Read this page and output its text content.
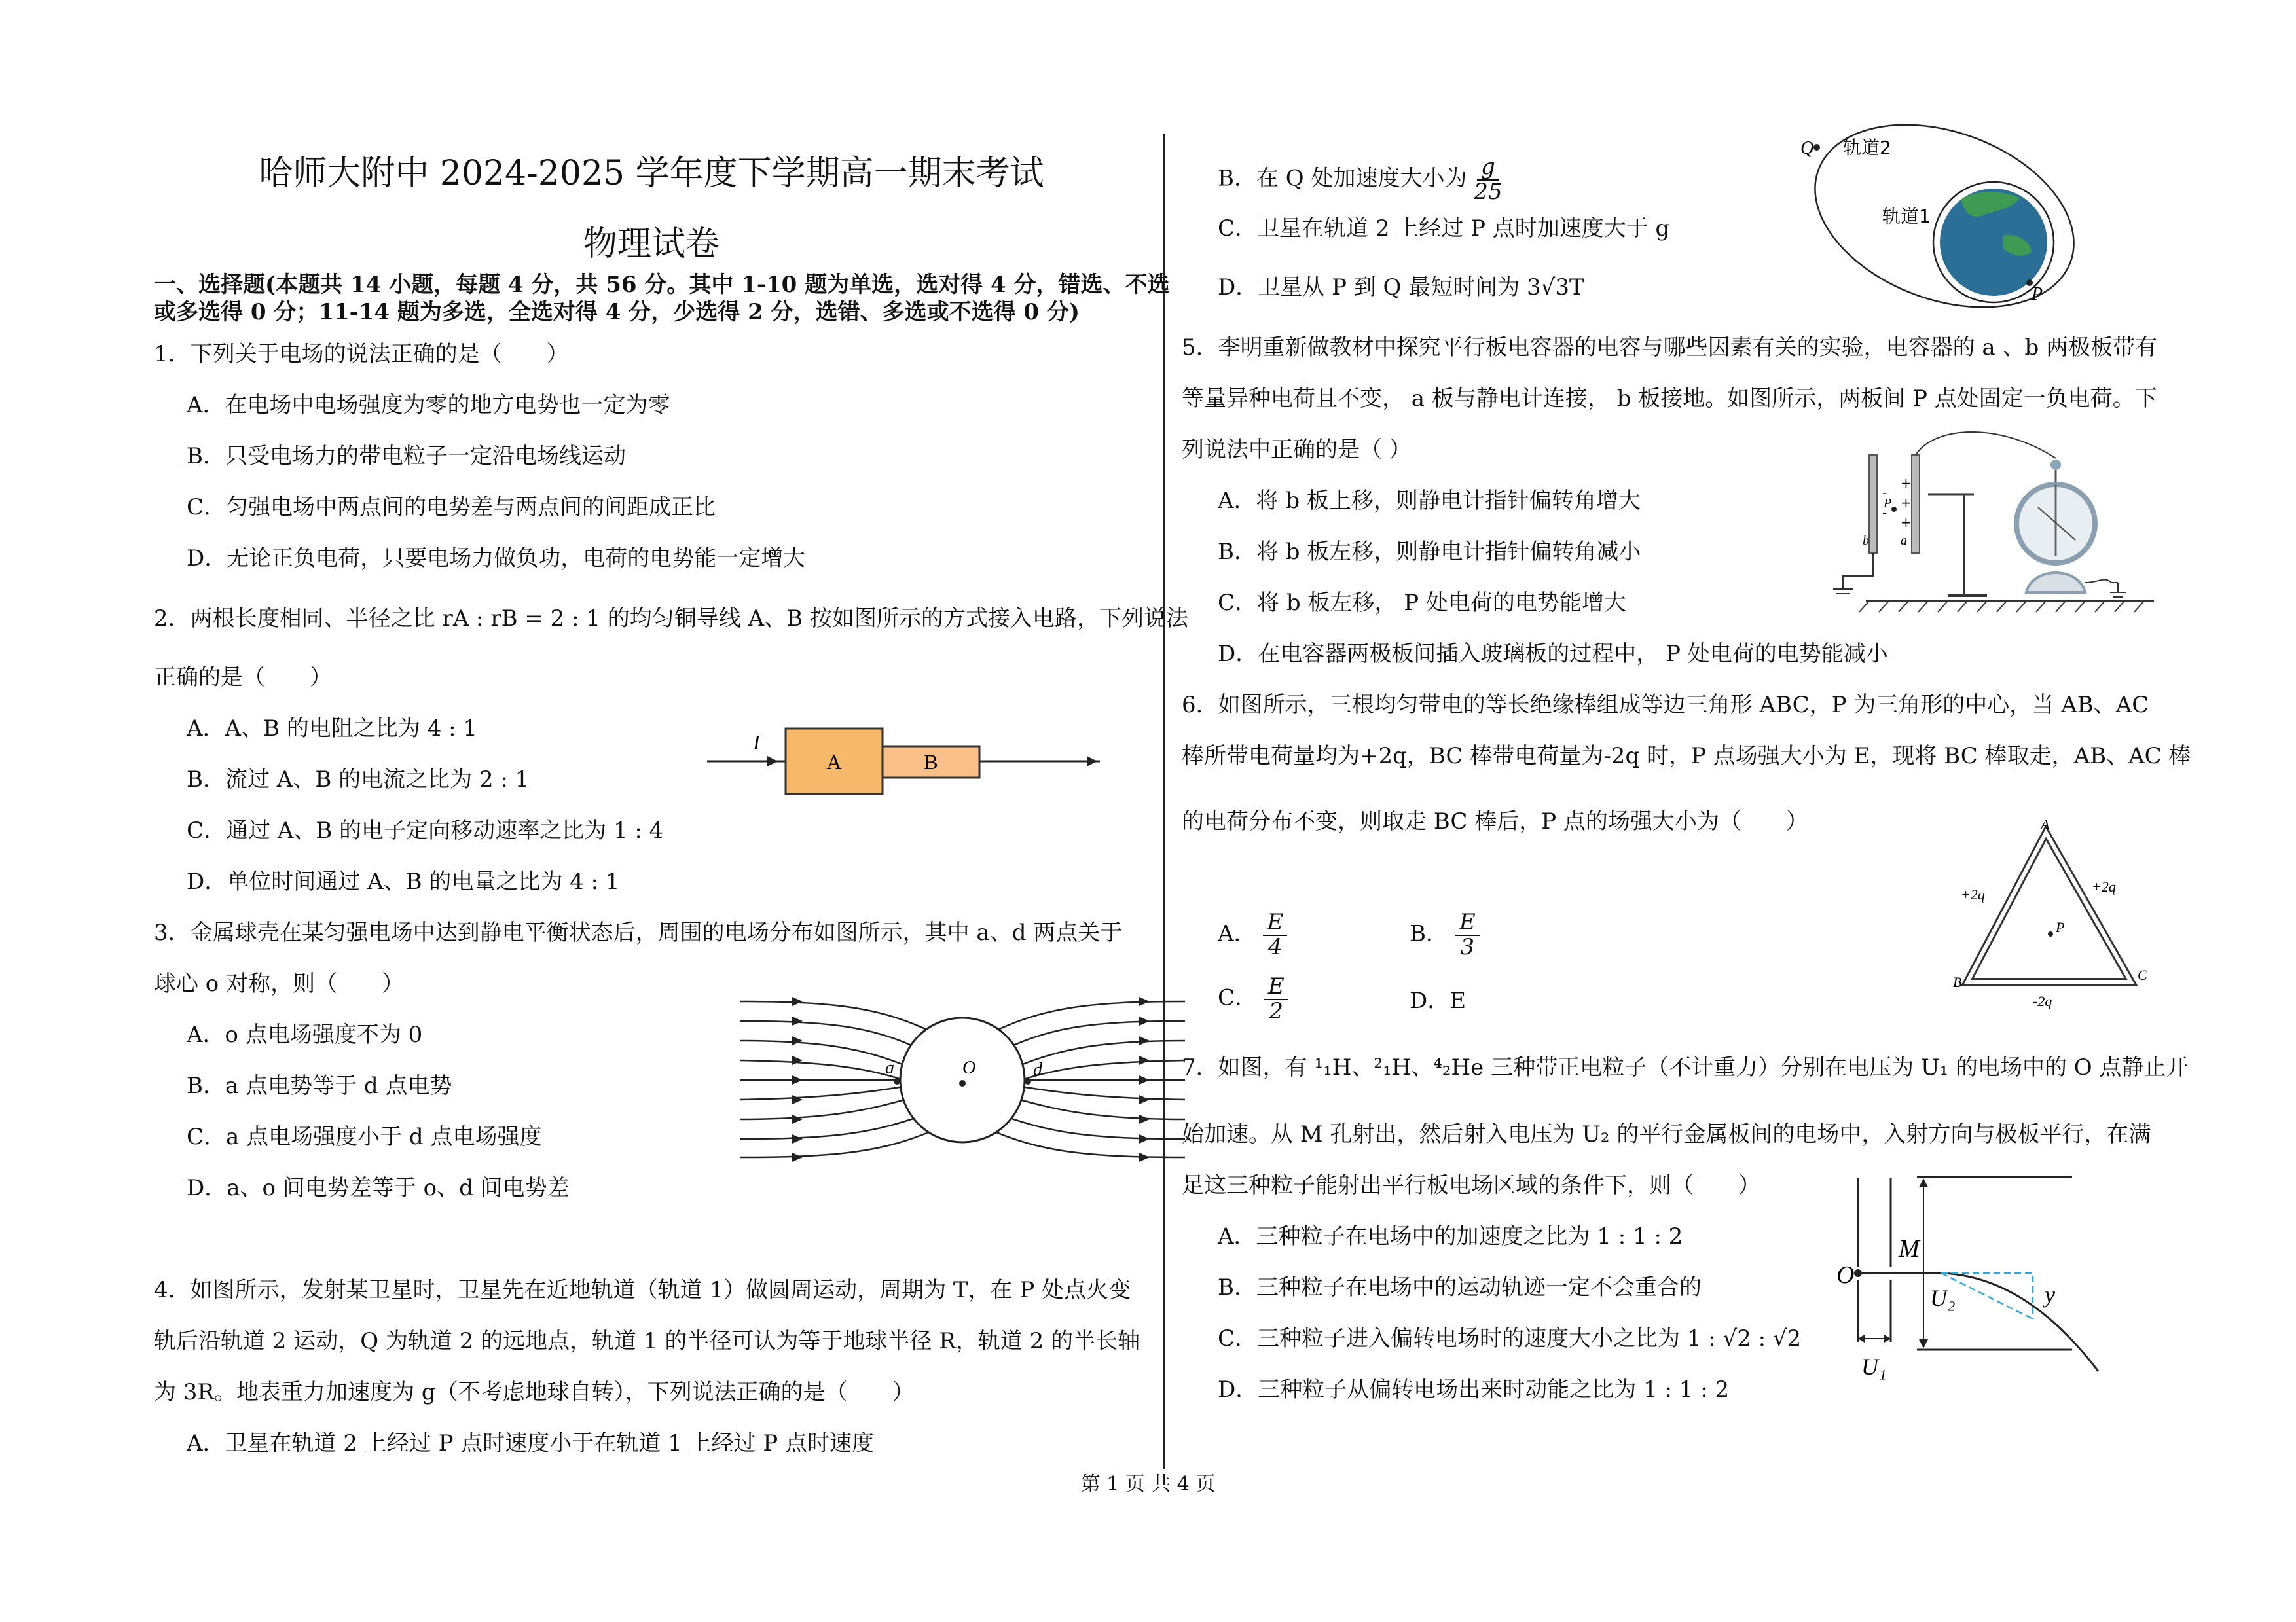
哈师大附中 2024-2025 学年度下学期高一期末考试
物理试卷
一、选择题(本题共 14 小题，每题 4 分，共 56 分。其中 1-10 题为单选，选对得 4 分，错选、不选
或多选得 0 分；11-14 题为多选，全选对得 4 分，少选得 2 分，选错、多选或不选得 0 分)
1．下列关于电场的说法正确的是（　　）
A．在电场中电场强度为零的地方电势也一定为零
B．只受电场力的带电粒子一定沿电场线运动
C．匀强电场中两点间的电势差与两点间的间距成正比
D．无论正负电荷，只要电场力做负功，电荷的电势能一定增大
2．两根长度相同、半径之比 rA : rB = 2 : 1 的均匀铜导线 A、B 按如图所示的方式接入电路，下列说法
正确的是（　　）
A．A、B 的电阻之比为 4 : 1
B．流过 A、B 的电流之比为 2 : 1
C．通过 A、B 的电子定向移动速率之比为 1 : 4
D．单位时间通过 A、B 的电量之比为 4 : 1
I
A	B
3．金属球壳在某匀强电场中达到静电平衡状态后，周围的电场分布如图所示，其中 a、d 两点关于
球心 o 对称，则（　　）
A．o 点电场强度不为 0
B．a 点电势等于 d 点电势
C．a 点电场强度小于 d 点电场强度
D．a、o 间电势差等于 o、d 间电势差
a	O	d
4．如图所示，发射某卫星时，卫星先在近地轨道（轨道 1）做圆周运动，周期为 T，在 P 处点火变
轨后沿轨道 2 运动，Q 为轨道 2 的远地点，轨道 1 的半径可认为等于地球半径 R，轨道 2 的半长轴
为 3R。地表重力加速度为 g（不考虑地球自转），下列说法正确的是（　　）
A．卫星在轨道 2 上经过 P 点时速度小于在轨道 1 上经过 P 点时速度
B．在 Q 处加速度大小为 $\frac{g}{25}$
C．卫星在轨道 2 上经过 P 点时加速度大于 g
D．卫星从 P 到 Q 最短时间为 3√3T
Q 轨道2
轨道1
P
5．李明重新做教材中探究平行板电容器的电容与哪些因素有关的实验，电容器的 a 、b 两极板带有
等量异种电荷且不变， a 板与静电计连接， b 板接地。如图所示，两板间 P 点处固定一负电荷。下
列说法中正确的是（ ）
A．将 b 板上移，则静电计指针偏转角增大
B．将 b 板左移，则静电计指针偏转角减小
C．将 b 板左移， P 处电荷的电势能增大
D．在电容器两极板间插入玻璃板的过程中， P 处电荷的电势能减小
-
-
+
+
+
P
b a
6．如图所示，三根均匀带电的等长绝缘棒组成等边三角形 ABC，P 为三角形的中心，当 AB、AC
棒所带电荷量均为+2q，BC 棒带电荷量为-2q 时，P 点场强大小为 E，现将 BC 棒取走，AB、AC 棒
的电荷分布不变，则取走 BC 棒后，P 点的场强大小为（　　）
A． $\frac{E}{4}$	B． $\frac{E}{3}$
C． $\frac{E}{2}$	D．E
A
B	C
P
+2q	+2q
-2q
7．如图，有 ¹₁H、²₁H、⁴₂He 三种带正电粒子（不计重力）分别在电压为 U₁ 的电场中的 O 点静止开
始加速。从 M 孔射出，然后射入电压为 U₂ 的平行金属板间的电场中，入射方向与极板平行，在满
足这三种粒子能射出平行板电场区域的条件下，则（　　）
A．三种粒子在电场中的加速度之比为 1 : 1 : 2
B．三种粒子在电场中的运动轨迹一定不会重合的
C．三种粒子进入偏转电场时的速度大小之比为 1 : √2 : √2
D．三种粒子从偏转电场出来时动能之比为 1 : 1 : 2
O
M
U₂	y
U₁
第 1 页 共 4 页
